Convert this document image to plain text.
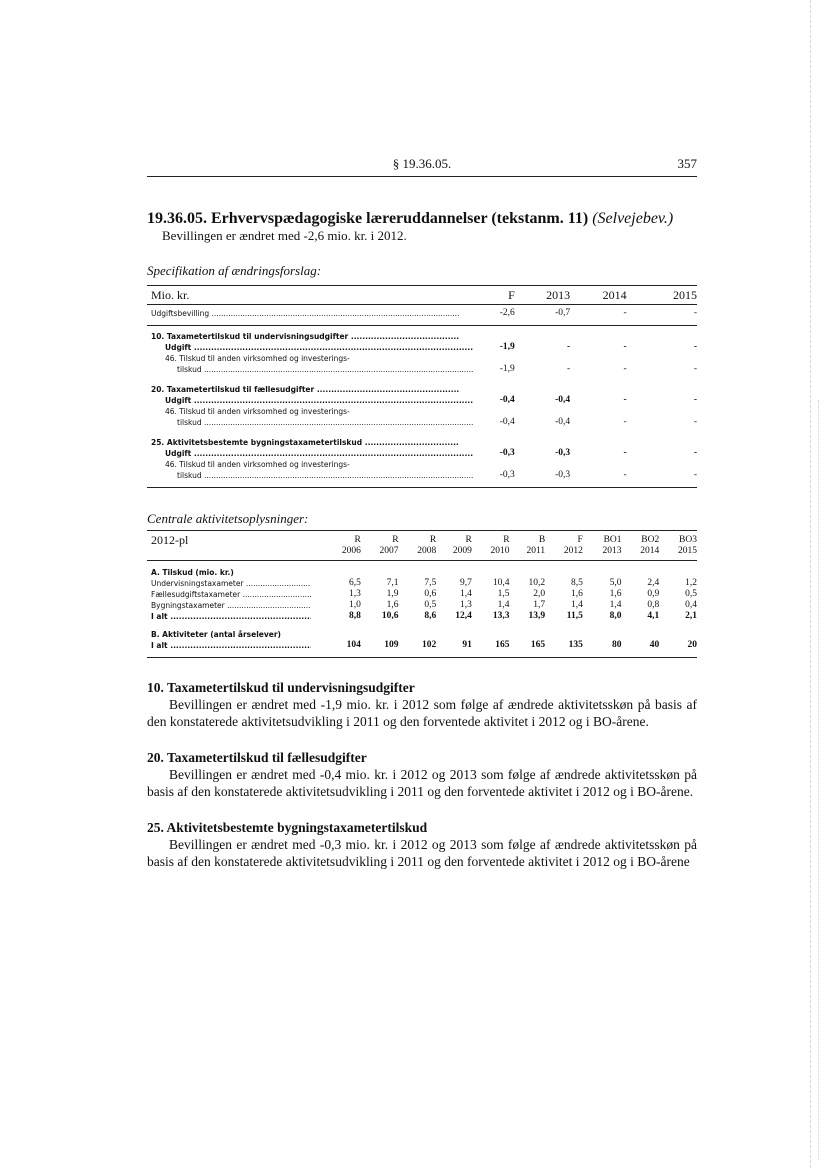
§ 19.36.05.	357
19.36.05. Erhvervspædagogiske læreruddannelser (tekstanm. 11) (Selvejebev.)
Bevillingen er ændret med -2,6 mio. kr. i 2012.
Specifikation af ændringsforslag:
Mio. kr.	F	2013	2014	2015

Udgiftsbevilling .....	-2,6	-0,7	-	-

10. Taxametertilskud til undervisningsudgifter .....

Udgift .....	-1,9	-	-	-
46. Tilskud til anden virksomhed og investerings-				

tilskud .....	-1,9	-	-	-

20. Taxametertilskud til fællesudgifter .....

Udgift .....	-0,4	-0,4	-	-
46. Tilskud til anden virksomhed og investerings-				

tilskud .....	-0,4	-0,4	-	-

25. Aktivitetsbestemte bygningstaxametertilskud .....

Udgift .....	-0,3	-0,3	-	-
46. Tilskud til anden virksomhed og investerings-				

tilskud .....	-0,3	-0,3	-	-
Centrale aktivitetsoplysninger:
2012-pl	R	R	R	R	R	B	F	BO1	BO2	BO3
	2006	2007	2008	2009	2010	2011	2012	2013	2014	2015
A. Tilskud (mio. kr.)										

Undervisningstaxameter .....	6,5	7,1	7,5	9,7	10,4	10,2	8,5	5,0	2,4	1,2

Fællesudgiftstaxameter .....	1,3	1,9	0,6	1,4	1,5	2,0	1,6	1,6	0,9	0,5

Bygningstaxameter .....	1,0	1,6	0,5	1,3	1,4	1,7	1,4	1,4	0,8	0,4

I alt .....	8,8	10,6	8,6	12,4	13,3	13,9	11,5	8,0	4,1	2,1

B. Aktiviteter (antal årselever)										

I alt .....	104	109	102	91	165	165	135	80	40	20
10. Taxametertilskud til undervisningsudgifter

Bevillingen er ændret med -1,9 mio. kr. i 2012 som følge af ændrede aktivitetsskøn på basis af den konstaterede aktivitetsudvikling i 2011 og den forventede aktivitet i 2012 og i BO-årene.

20. Taxametertilskud til fællesudgifter

Bevillingen er ændret med -0,4 mio. kr. i 2012 og 2013 som følge af ændrede aktivitetsskøn på basis af den konstaterede aktivitetsudvikling i 2011 og den forventede aktivitet i 2012 og i BO-årene.

25. Aktivitetsbestemte bygningstaxametertilskud

Bevillingen er ændret med -0,3 mio. kr. i 2012 og 2013 som følge af ændrede aktivitetsskøn på basis af den konstaterede aktivitetsudvikling i 2011 og den forventede aktivitet i 2012 og i BO-årene
